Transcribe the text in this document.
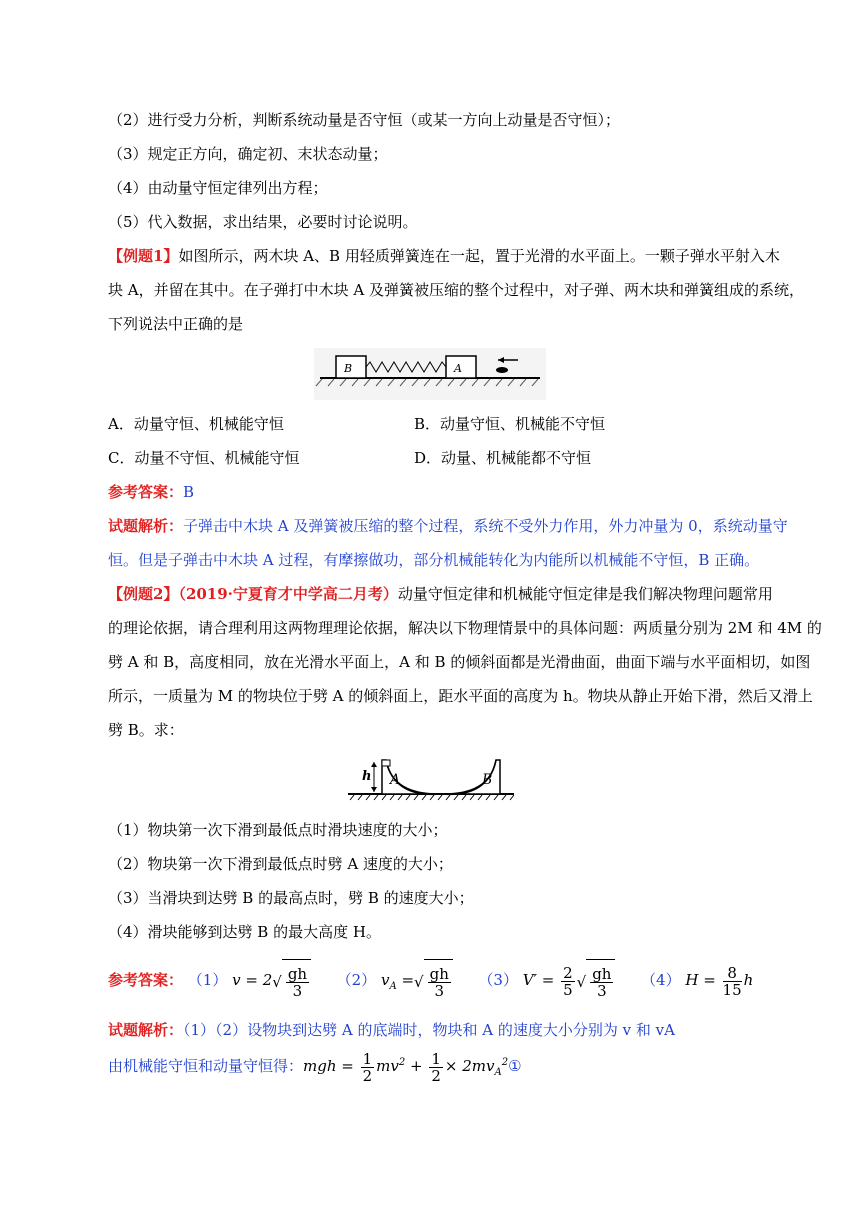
（2）进行受力分析，判断系统动量是否守恒（或某一方向上动量是否守恒）；
（3）规定正方向，确定初、末状态动量；
（4）由动量守恒定律列出方程；
（5）代入数据，求出结果，必要时讨论说明。
【例题1】如图所示，两木块 A、B 用轻质弹簧连在一起，置于光滑的水平面上。一颗子弹水平射入木
块 A，并留在其中。在子弹打中木块 A 及弹簧被压缩的整个过程中，对子弹、两木块和弹簧组成的系统，
下列说法中正确的是
B	A
A．动量守恒、机械能守恒	B．动量守恒、机械能不守恒
C．动量不守恒、机械能守恒	D．动量、机械能都不守恒
参考答案：B
试题解析：子弹击中木块 A 及弹簧被压缩的整个过程，系统不受外力作用，外力冲量为 0，系统动量守
恒。但是子弹击中木块 A 过程，有摩擦做功，部分机械能转化为内能所以机械能不守恒，B 正确。
【例题2】（2019·宁夏育才中学高二月考）动量守恒定律和机械能守恒定律是我们解决物理问题常用
的理论依据，请合理利用这两物理理论依据，解决以下物理情景中的具体问题：两质量分别为 2M 和 4M 的
劈 A 和 B，高度相同，放在光滑水平面上，A 和 B 的倾斜面都是光滑曲面，曲面下端与水平面相切，如图
所示，一质量为 M 的物块位于劈 A 的倾斜面上，距水平面的高度为 h。物块从静止开始下滑，然后又滑上
劈 B。求：
h A	B
（1）物块第一次下滑到最低点时滑块速度的大小；
（2）物块第一次下滑到最低点时劈 A 速度的大小；
（3）当滑块到达劈 B 的最高点时，劈 B 的速度大小；
（4）滑块能够到达劈 B 的最大高度 H。
参考答案： （1） $v = 2√ \frac{gh}{3} (2)$ $v_A$ =√ $\frac{gh}{3} (3) V' = \frac{2}{5}$ √ $\frac{gh}{3} (4) H = \frac{8}{15}$ h
试题解析：（1）（2）设物块到达劈 A 的底端时，物块和 A 的速度大小分别为 v 和 vA
由机械能守恒和动量守恒得：mgh = $\frac{1}{2} mv^2 + \frac{1}{2}$ × $2mv_A^2①$
